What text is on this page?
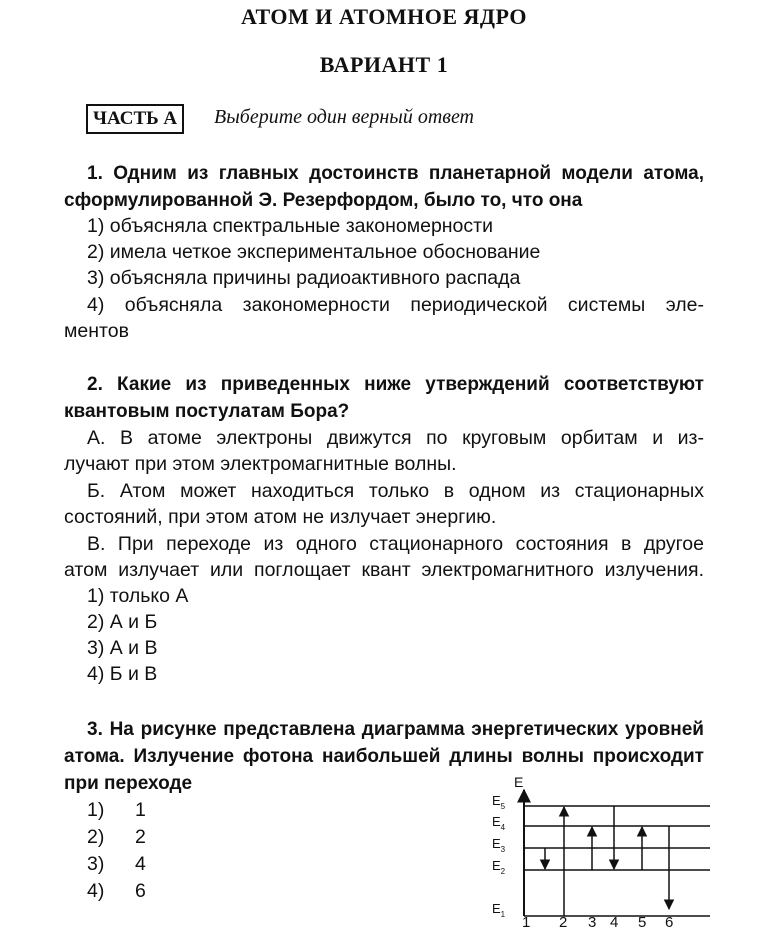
АТОМ И АТОМНОЕ ЯДРО
ВАРИАНТ 1
ЧАСТЬ А	Выберите один верный ответ
1. Одним из главных достоинств планетарной модели атома,
сформулированной Э. Резерфордом, было то, что она
1) объясняла спектральные закономерности
2) имела четкое экспериментальное обоснование
3) объясняла причины радиоактивного распада
4) объясняла закономерности периодической системы эле-
ментов
2. Какие из приведенных ниже утверждений соответствуют
квантовым постулатам Бора?
А. В атоме электроны движутся по круговым орбитам и из-
лучают при этом электромагнитные волны.
Б. Атом может находиться только в одном из стационарных
состояний, при этом атом не излучает энергию.
В. При переходе из одного стационарного состояния в другое
атом излучает или поглощает квант электромагнитного излучения.
1) только А
2) А и Б
3) А и В
4) Б и В
3. На рисунке представлена диаграмма энергетических уровней
атома. Излучение фотона наибольшей длины волны происходит
при переходе
1) 1
2) 2
3) 4
4) 6
E
$E_5$
$E_4$
$E_3$
$E_2$
$E_1$ 1 2 3 4 5 6
